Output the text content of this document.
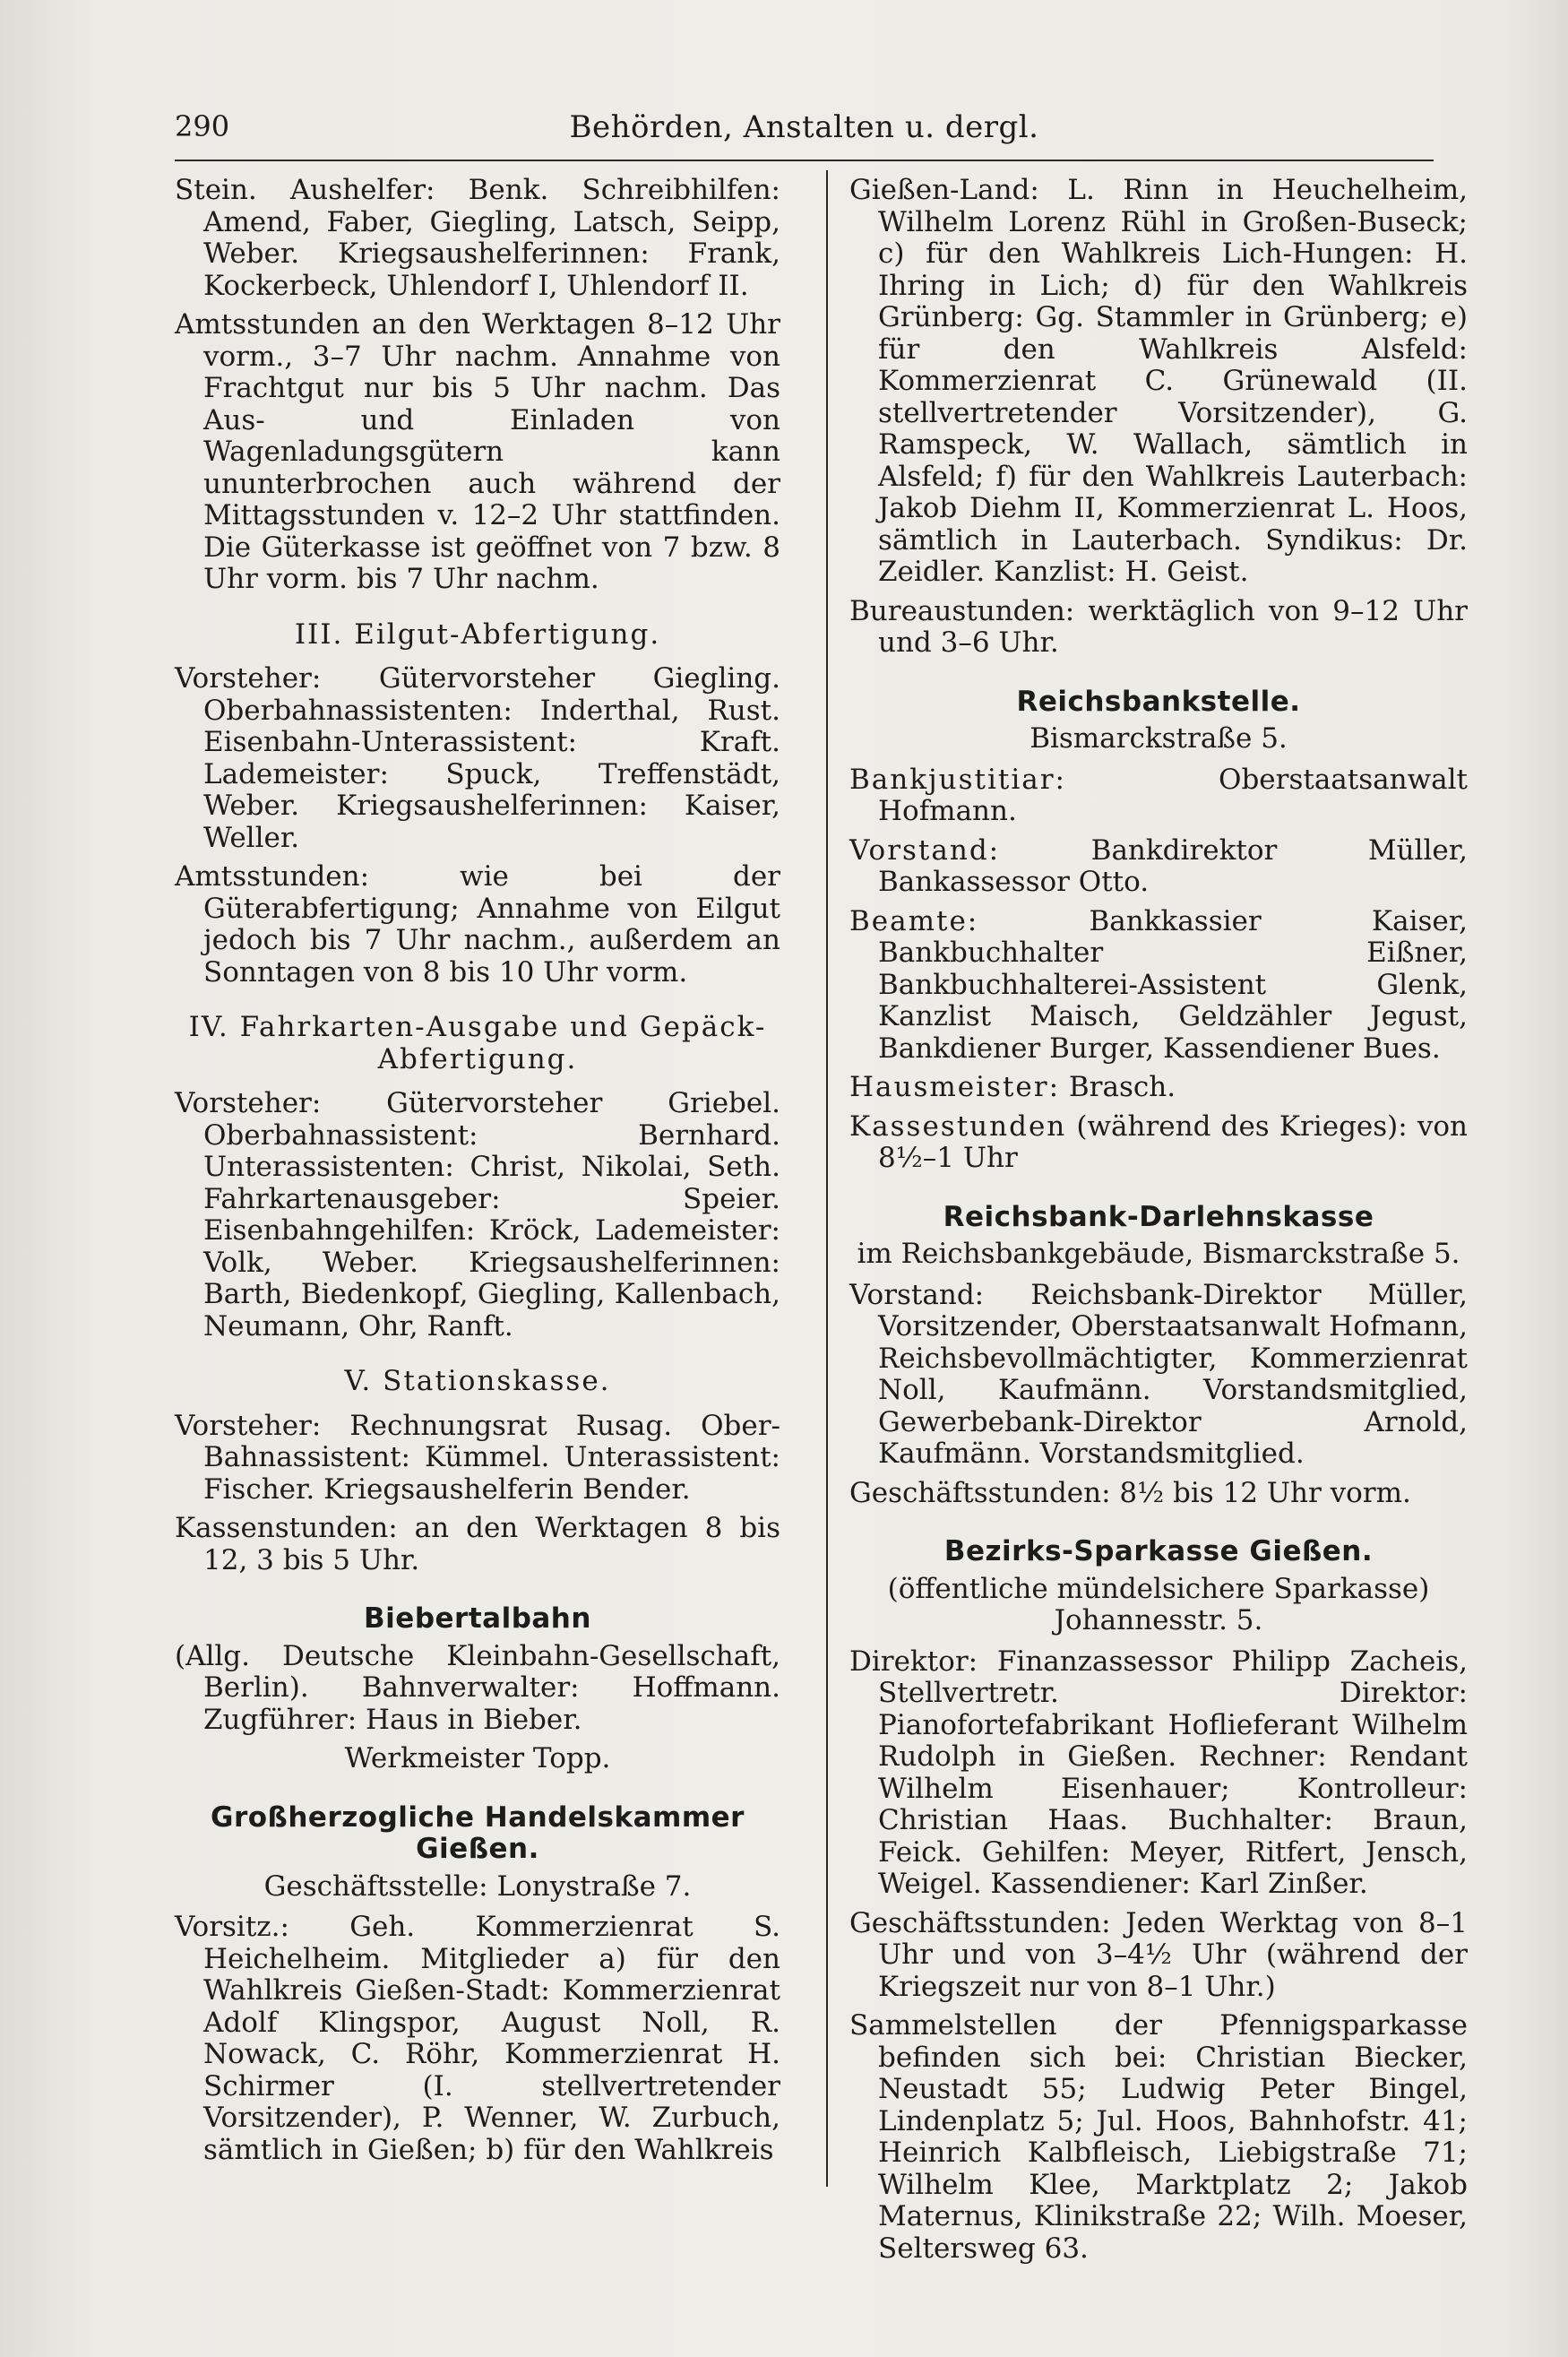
290	Behörden, Anstalten u. dergl.

Stein. Aushelfer: Benk. Schreibhilfen: Amend, Faber, Giegling, Latsch, Seipp, Weber. Kriegsaushelferinnen: Frank, Kockerbeck, Uhlendorf I, Uhlendorf II.

Amtsstunden an den Werktagen 8–12 Uhr vorm., 3–7 Uhr nachm. Annahme von Frachtgut nur bis 5 Uhr nachm. Das Aus- und Einladen von Wagenladungsgütern kann ununterbrochen auch während der Mittagsstunden v. 12–2 Uhr stattfinden. Die Güterkasse ist geöffnet von 7 bzw. 8 Uhr vorm. bis 7 Uhr nachm.

III. Eilgut-Abfertigung.

Vorsteher: Gütervorsteher Giegling. Oberbahnassistenten: Inderthal, Rust. Eisenbahn-Unterassistent: Kraft. Lademeister: Spuck, Treffenstädt, Weber. Kriegsaushelferinnen: Kaiser, Weller.

Amtsstunden: wie bei der Güterabfertigung; Annahme von Eilgut jedoch bis 7 Uhr nachm., außerdem an Sonntagen von 8 bis 10 Uhr vorm.

IV. Fahrkarten-Ausgabe und Gepäck-Abfertigung.

Vorsteher: Gütervorsteher Griebel. Oberbahnassistent: Bernhard. Unterassistenten: Christ, Nikolai, Seth. Fahrkartenausgeber: Speier. Eisenbahngehilfen: Kröck, Lademeister: Volk, Weber. Kriegsaushelferinnen: Barth, Biedenkopf, Giegling, Kallenbach, Neumann, Ohr, Ranft.

V. Stationskasse.

Vorsteher: Rechnungsrat Rusag. Ober-Bahnassistent: Kümmel. Unterassistent: Fischer. Kriegsaushelferin Bender.

Kassenstunden: an den Werktagen 8 bis 12, 3 bis 5 Uhr.

Biebertalbahn

(Allg. Deutsche Kleinbahn-Gesellschaft, Berlin). Bahnverwalter: Hoffmann. Zugführer: Haus in Bieber.

Werkmeister Topp.

Großherzogliche Handelskammer Gießen.
Geschäftsstelle: Lonystraße 7.

Vorsitz.: Geh. Kommerzienrat S. Heichelheim. Mitglieder a) für den Wahlkreis Gießen-Stadt: Kommerzienrat Adolf Klingspor, August Noll, R. Nowack, C. Röhr, Kommerzienrat H. Schirmer (I. stellvertretender Vorsitzender), P. Wenner, W. Zurbuch, sämtlich in Gießen; b) für den Wahlkreis

Gießen-Land: L. Rinn in Heuchelheim, Wilhelm Lorenz Rühl in Großen-Buseck; c) für den Wahlkreis Lich-Hungen: H. Ihring in Lich; d) für den Wahlkreis Grünberg: Gg. Stammler in Grünberg; e) für den Wahlkreis Alsfeld: Kommerzienrat C. Grünewald (II. stellvertretender Vorsitzender), G. Ramspeck, W. Wallach, sämtlich in Alsfeld; f) für den Wahlkreis Lauterbach: Jakob Diehm II, Kommerzienrat L. Hoos, sämtlich in Lauterbach. Syndikus: Dr. Zeidler. Kanzlist: H. Geist.

Bureaustunden: werktäglich von 9–12 Uhr und 3–6 Uhr.

Reichsbankstelle.
Bismarckstraße 5.

Bankjustitiar:	Oberstaatsanwalt Hofmann.

Vorstand:	Bankdirektor Müller, Bankassessor Otto.

Beamte:	Bankkassier Kaiser, Bankbuchhalter Eißner, Bankbuchhalterei-Assistent Glenk, Kanzlist Maisch, Geldzähler Jegust, Bankdiener Burger, Kassendiener Bues.

Hausmeister: Brasch.

Kassestunden (während des Krieges): von 8½–1 Uhr

Reichsbank-Darlehnskasse
im Reichsbankgebäude, Bismarckstraße 5.

Vorstand: Reichsbank-Direktor Müller, Vorsitzender, Oberstaatsanwalt Hofmann, Reichsbevollmächtigter, Kommerzienrat Noll, Kaufmänn. Vorstandsmitglied, Gewerbebank-Direktor Arnold, Kaufmänn. Vorstandsmitglied.

Geschäftsstunden: 8½ bis 12 Uhr vorm.

Bezirks-Sparkasse Gießen.
(öffentliche mündelsichere Sparkasse)
Johannesstr. 5.

Direktor: Finanzassessor Philipp Zacheis, Stellvertretr. Direktor: Pianofortefabrikant Hoflieferant Wilhelm Rudolph in Gießen. Rechner: Rendant Wilhelm Eisenhauer; Kontrolleur: Christian Haas. Buchhalter: Braun, Feick. Gehilfen: Meyer, Ritfert, Jensch, Weigel. Kassendiener: Karl Zinßer.

Geschäftsstunden: Jeden Werktag von 8–1 Uhr und von 3–4½ Uhr (während der Kriegszeit nur von 8–1 Uhr.)

Sammelstellen der Pfennigsparkasse befinden sich bei: Christian Biecker, Neustadt 55; Ludwig Peter Bingel, Lindenplatz 5; Jul. Hoos, Bahnhofstr. 41; Heinrich Kalbfleisch, Liebigstraße 71; Wilhelm Klee, Marktplatz 2; Jakob Maternus, Klinikstraße 22; Wilh. Moeser, Seltersweg 63.
